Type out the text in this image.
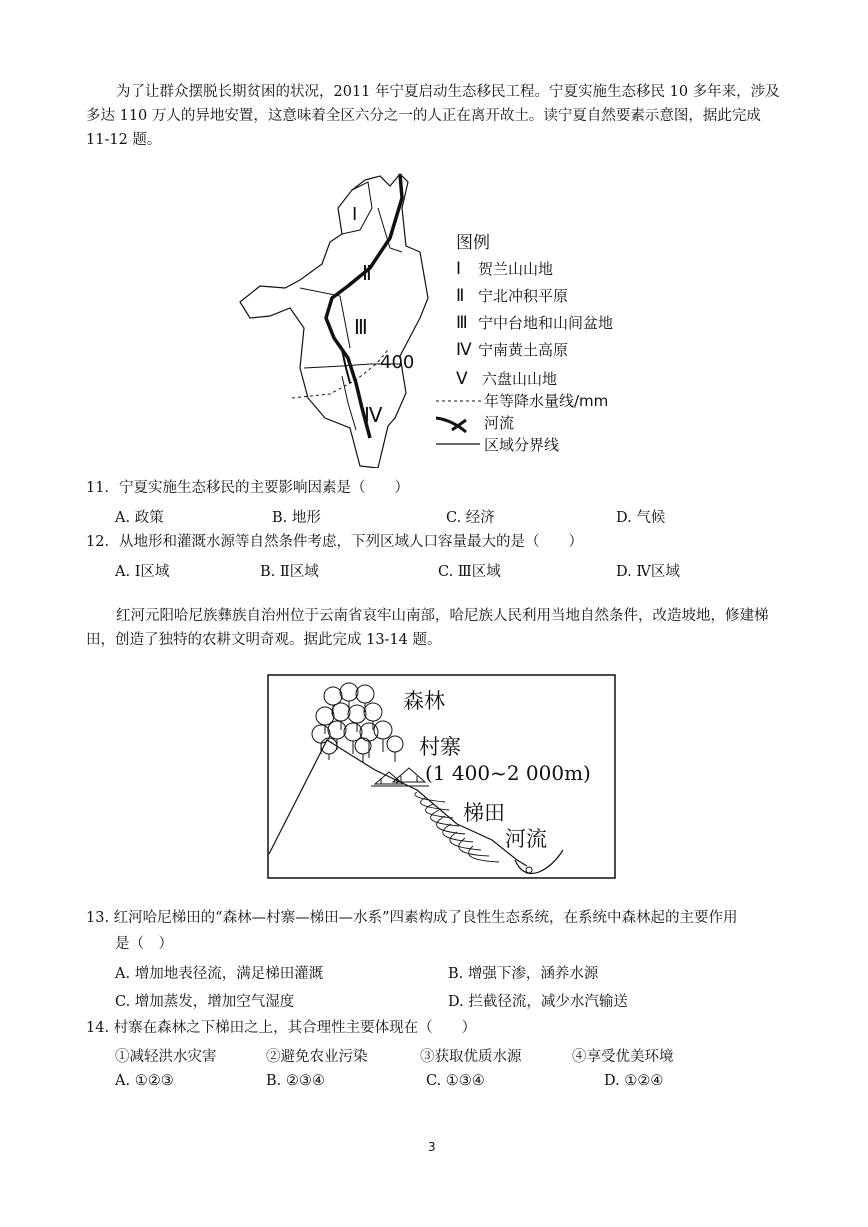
为了让群众摆脱长期贫困的状况，2011 年宁夏启动生态移民工程。宁夏实施生态移民 10 多年来，涉及多达 110 万人的异地安置，这意味着全区六分之一的人正在离开故土。读宁夏自然要素示意图，据此完成 11-12 题。
Ⅰ
Ⅱ
Ⅲ
Ⅳ
400
图例
Ⅰ 贺兰山山地
Ⅱ 宁北冲积平原
Ⅲ 宁中台地和山间盆地
Ⅳ 宁南黄土高原
Ⅴ 六盘山山地
年等降水量线/mm
河流
区域分界线
11．宁夏实施生态移民的主要影响因素是（　　）
A. 政策	B. 地形	C. 经济	D. 气候
12．从地形和灌溉水源等自然条件考虑，下列区域人口容量最大的是（　　）
A. Ⅰ区域	B. Ⅱ区域	C. Ⅲ区域	D. Ⅳ区域
红河元阳哈尼族彝族自治州位于云南省哀牢山南部，哈尼族人民利用当地自然条件，改造坡地，修建梯田，创造了独特的农耕文明奇观。据此完成 13-14 题。
森林
村寨
(1 400~2 000m)
梯田
河流
13. 红河哈尼梯田的“森林—村寨—梯田—水系”四素构成了良性生态系统，在系统中森林起的主要作用
是（　）
A. 增加地表径流，满足梯田灌溉	B. 增强下渗，涵养水源
C. 增加蒸发，增加空气湿度	D. 拦截径流，减少水汽输送
14. 村寨在森林之下梯田之上，其合理性主要体现在（　　）
①减轻洪水灾害	②避免农业污染	③获取优质水源	④享受优美环境
A. ①②③	B. ②③④	C. ①③④	D. ①②④
3
